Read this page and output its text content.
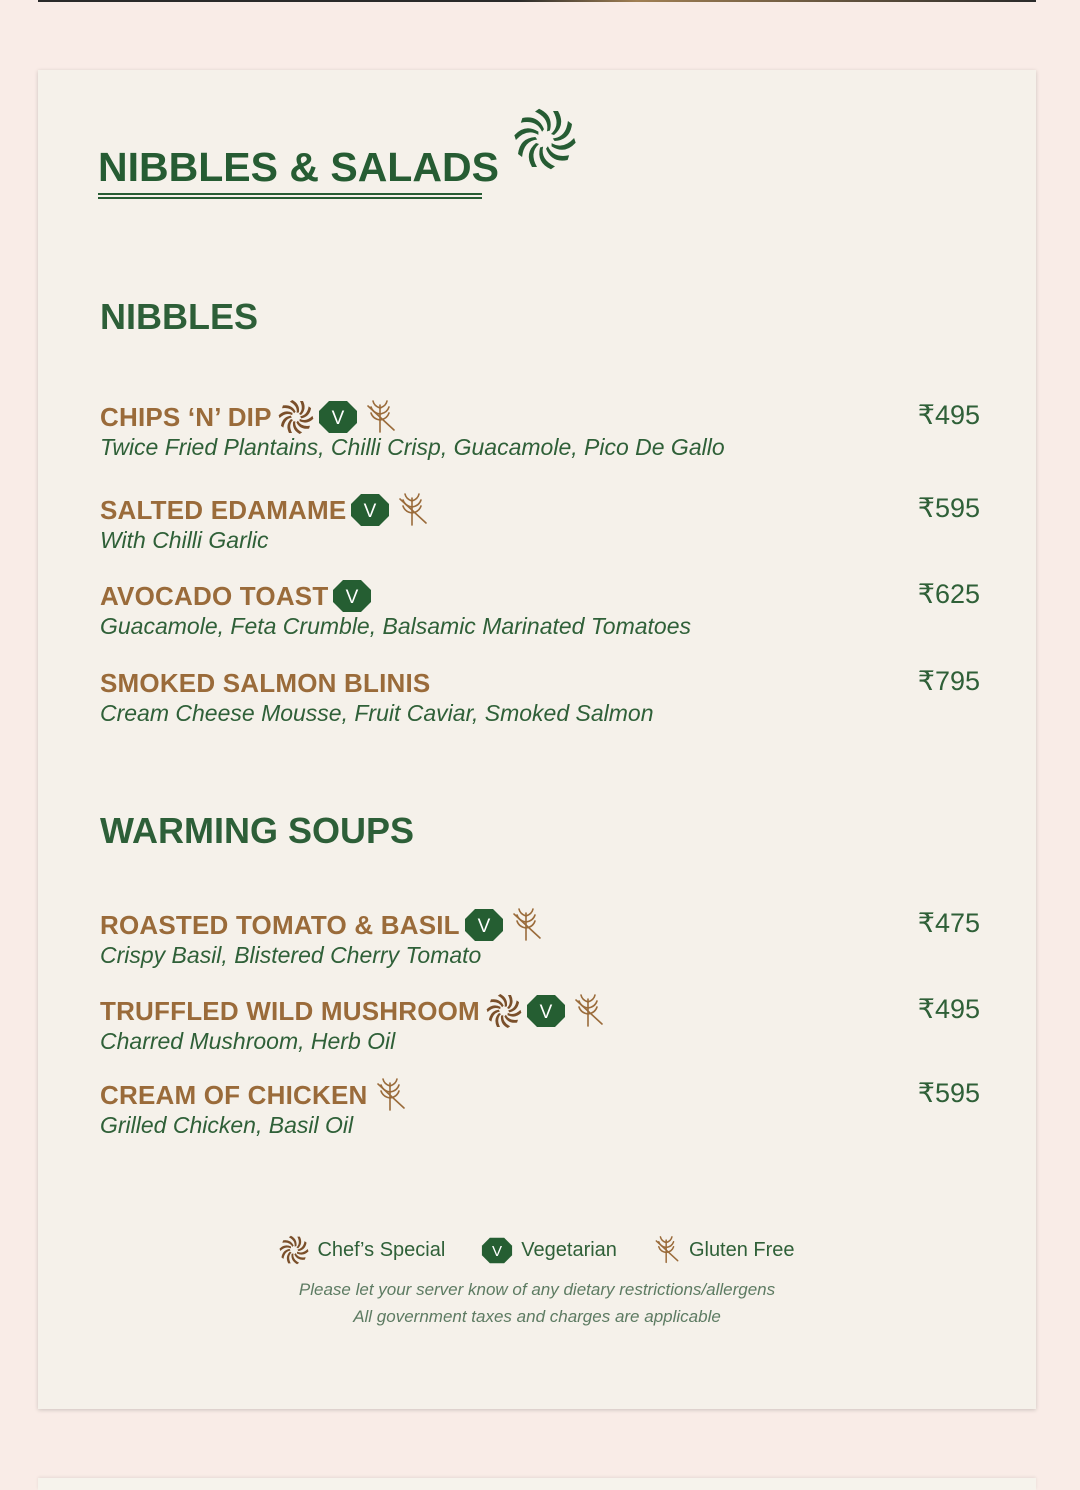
NIBBLES & SALADS
NIBBLES
CHIPS ‘N’ DIP	V
Twice Fried Plantains, Chilli Crisp, Guacamole, Pico De Gallo
₹495
SALTED EDAMAME V
With Chilli Garlic
₹595
AVOCADO TOAST V
Guacamole, Feta Crumble, Balsamic Marinated Tomatoes
₹625
SMOKED SALMON BLINIS
Cream Cheese Mousse, Fruit Caviar, Smoked Salmon
₹795
WARMING SOUPS
ROASTED TOMATO & BASIL V
Crispy Basil, Blistered Cherry Tomato
₹475
TRUFFLED WILD MUSHROOM	V
Charred Mushroom, Herb Oil
₹495
CREAM OF CHICKEN
Grilled Chicken, Basil Oil
₹595
Chef’s Special V Vegetarian	Gluten Free
Please let your server know of any dietary restrictions/allergens
All government taxes and charges are applicable
